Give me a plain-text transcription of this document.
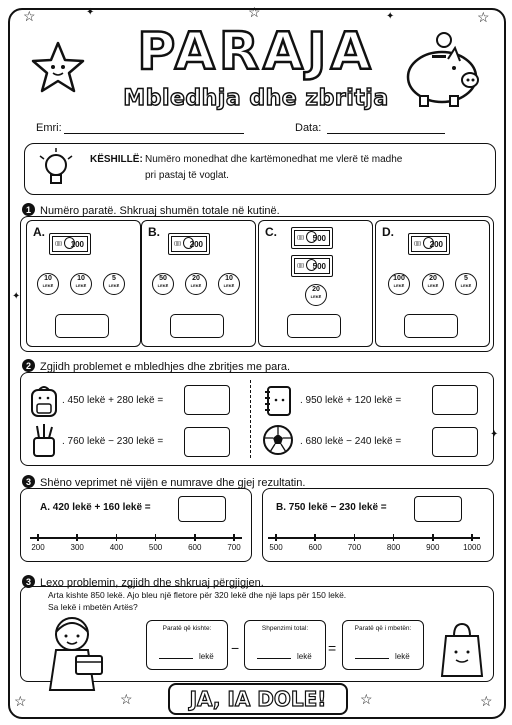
☆	☆	☆
✦	✦
✦
✦
☆	☆	☆	☆
PARAJA
Mbledhja dhe zbritja
Emri:	Data:
KËSHILLË: Numëro monedhat dhe kartëmonedhat me vlerë të madhe
pri pastaj të voglat.
1 Numëro paratë. Shkruaj shumën totale në kutinë.
A.
100
(|||)
10
LEKË
10
LEKË
5
LEKË
B.
200
(|||)
50
LEKË
20
LEKË
10
LEKË
C.	500
(|||)
500
(|||)
20
LEKË
D.
200
(|||)
100
LEKË
20
LEKË
5
LEKË
2 Zgjidh problemet e mbledhjes dhe zbritjes me para.
. 450 lekë + 280 lekë =
. 760 lekë − 230 lekë =
. 950 lekë + 120 lekë =
. 680 lekë − 240 lekë =
3 Shëno veprimet në vijën e numrave dhe gjej rezultatin.
A. 420 lekë + 160 lekë =	B. 750 lekë − 230 lekë =
200	300	400	500	600	700	500	600	700	800	900	1000
3 Lexo problemin, zgjidh dhe shkruaj përgjigjen.
Arta kishte 850 lekë. Ajo bleu një fletore për 320 lekë dhe një laps për 150 lekë.
Sa lekë i mbetën Artës?
Paratë që kishte:
lekë
−
Shpenzimi total:
lekë
=
Paratë që i mbetën:
lekë
JA, IA DOLE!
